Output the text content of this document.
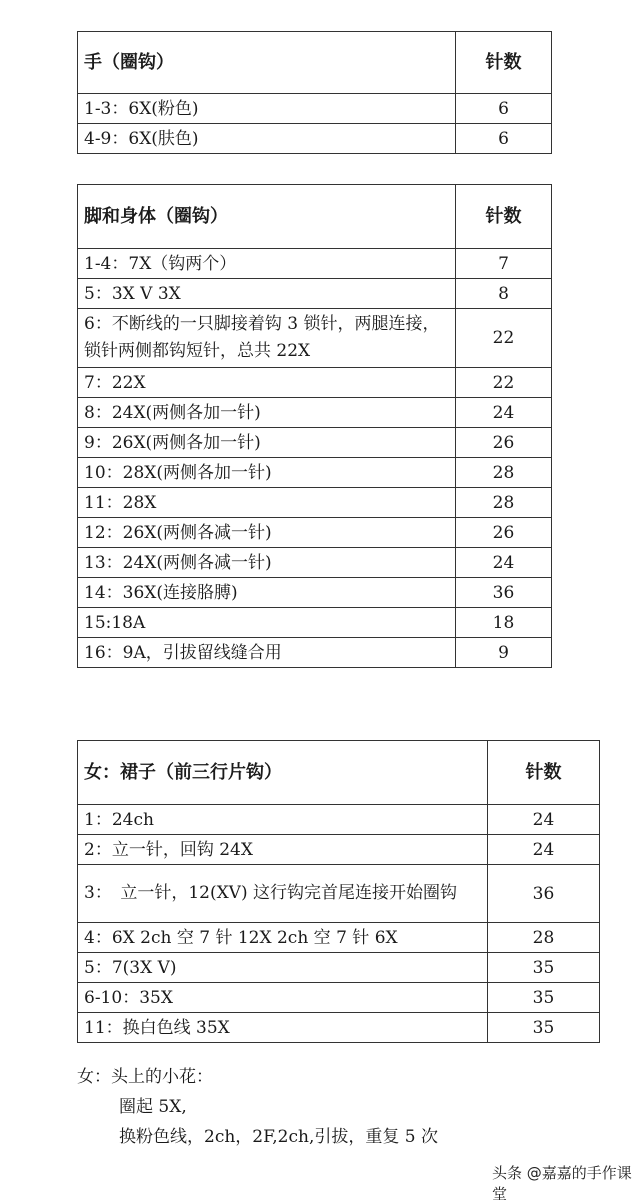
手（圈钩）	针数
1-3：6X(粉色)	6
4-9：6X(肤色)	6
脚和身体（圈钩）	针数
1-4：7X（钩两个）	7
5：3X V 3X	8
6：不断线的一只脚接着钩 3 锁针，两腿连接，锁针两侧都钩短针，总共 22X	22
7：22X	22
8：24X(两侧各加一针)	24
9：26X(两侧各加一针)	26
10：28X(两侧各加一针)	28
11：28X	28
12：26X(两侧各减一针)	26
13：24X(两侧各减一针)	24
14：36X(连接胳膊)	36
15:18A	18
16：9A，引拔留线缝合用	9
女：裙子（前三行片钩）	针数
1：24ch	24
2：立一针，回钩 24X	24
3：　立一针，12(XV) 这行钩完首尾连接开始圈钩	36
4：6X 2ch 空 7 针 12X 2ch 空 7 针 6X	28
5：7(3X V)	35
6-10：35X	35
11：换白色线 35X	35
女：头上的小花：
圈起 5X,
换粉色线，2ch，2F,2ch,引拔，重复 5 次
头条 @嘉嘉的手作课堂
